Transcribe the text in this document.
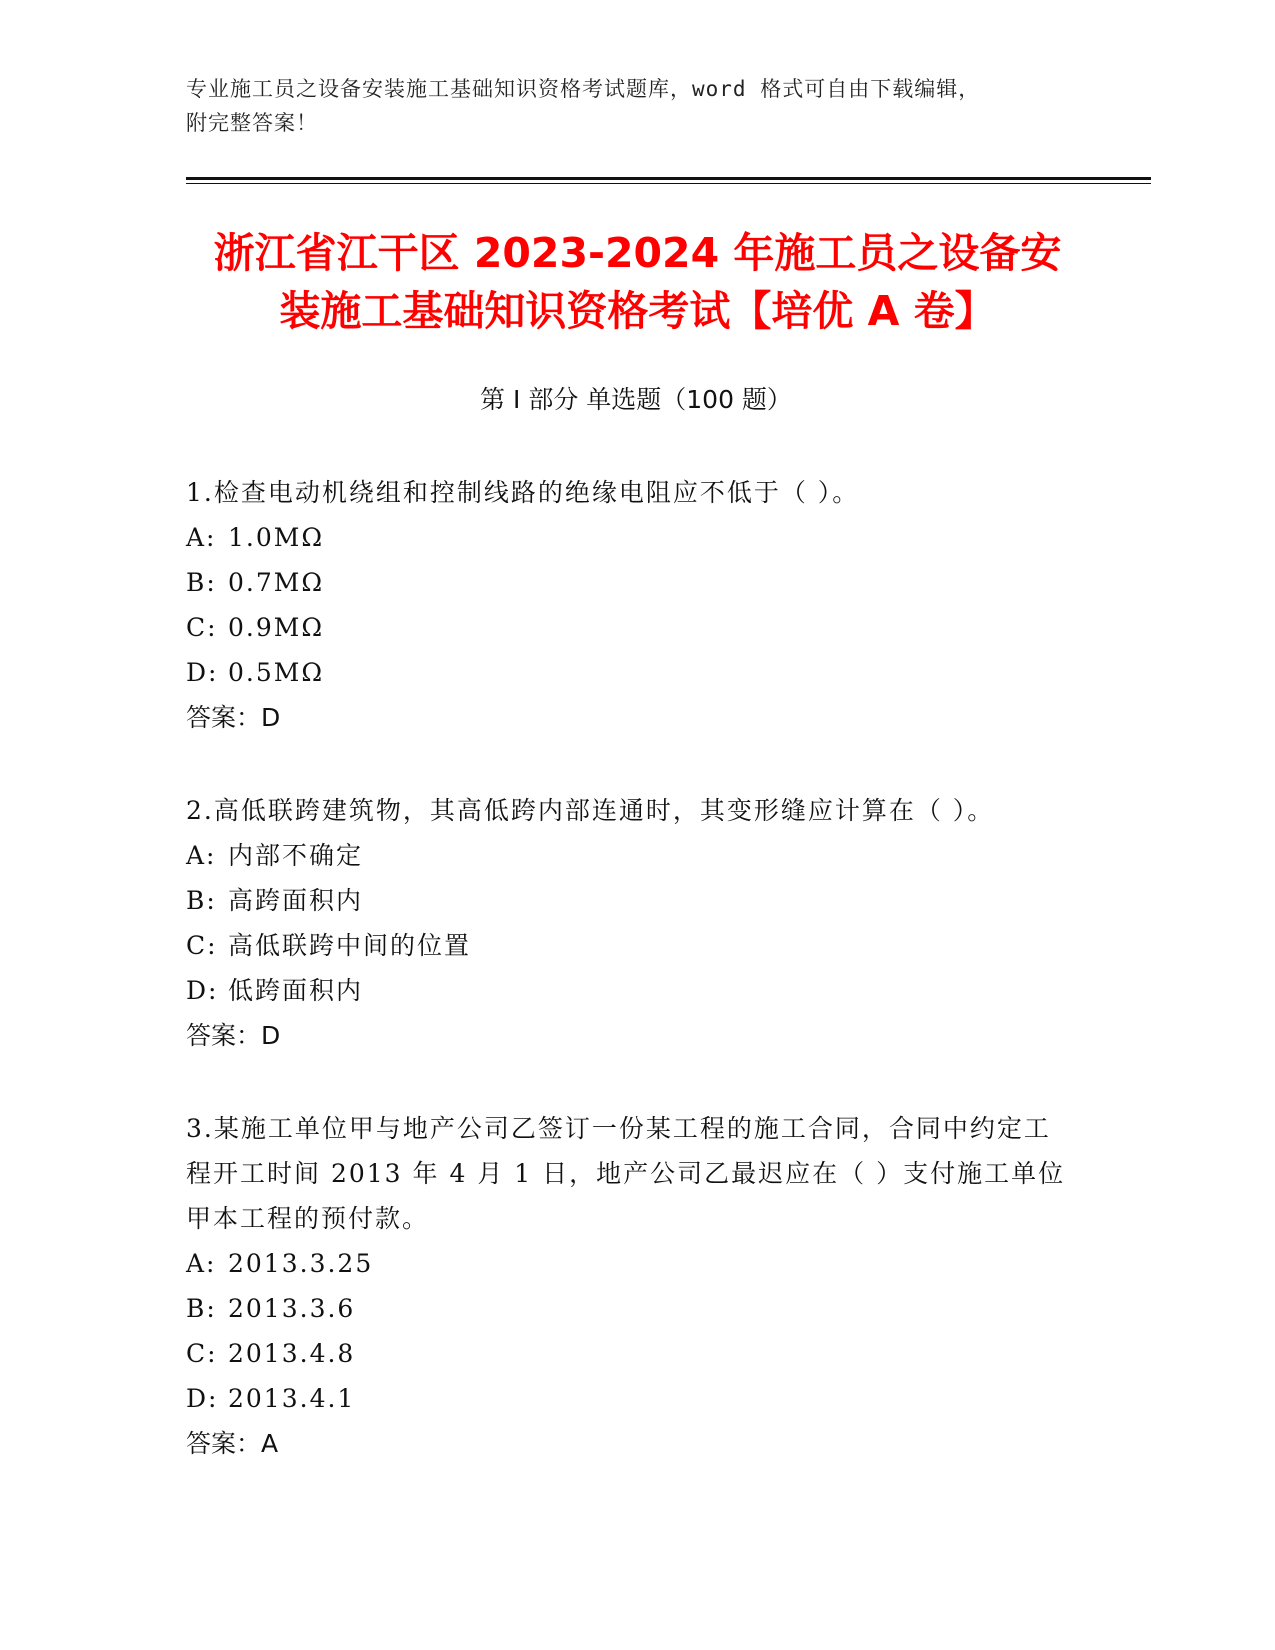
专业施工员之设备安装施工基础知识资格考试题库，word 格式可自由下载编辑，
附完整答案！
浙江省江干区 2023-2024 年施工员之设备安
装施工基础知识资格考试【培优 A 卷】
第 I 部分 单选题（100 题）

1.检查电动机绕组和控制线路的绝缘电阻应不低于（ ）。

A: 1.0MΩ
B: 0.7MΩ
C: 0.9MΩ
D: 0.5MΩ

答案：D

2.高低联跨建筑物，其高低跨内部连通时，其变形缝应计算在（ ）。

A: 内部不确定
B: 高跨面积内
C: 高低联跨中间的位置
D: 低跨面积内

答案：D

3.某施工单位甲与地产公司乙签订一份某工程的施工合同，合同中约定工程开工时间 2013 年 4 月 1 日，地产公司乙最迟应在（ ）支付施工单位甲本工程的预付款。

A: 2013.3.25
B: 2013.3.6
C: 2013.4.8
D: 2013.4.1

答案：A
